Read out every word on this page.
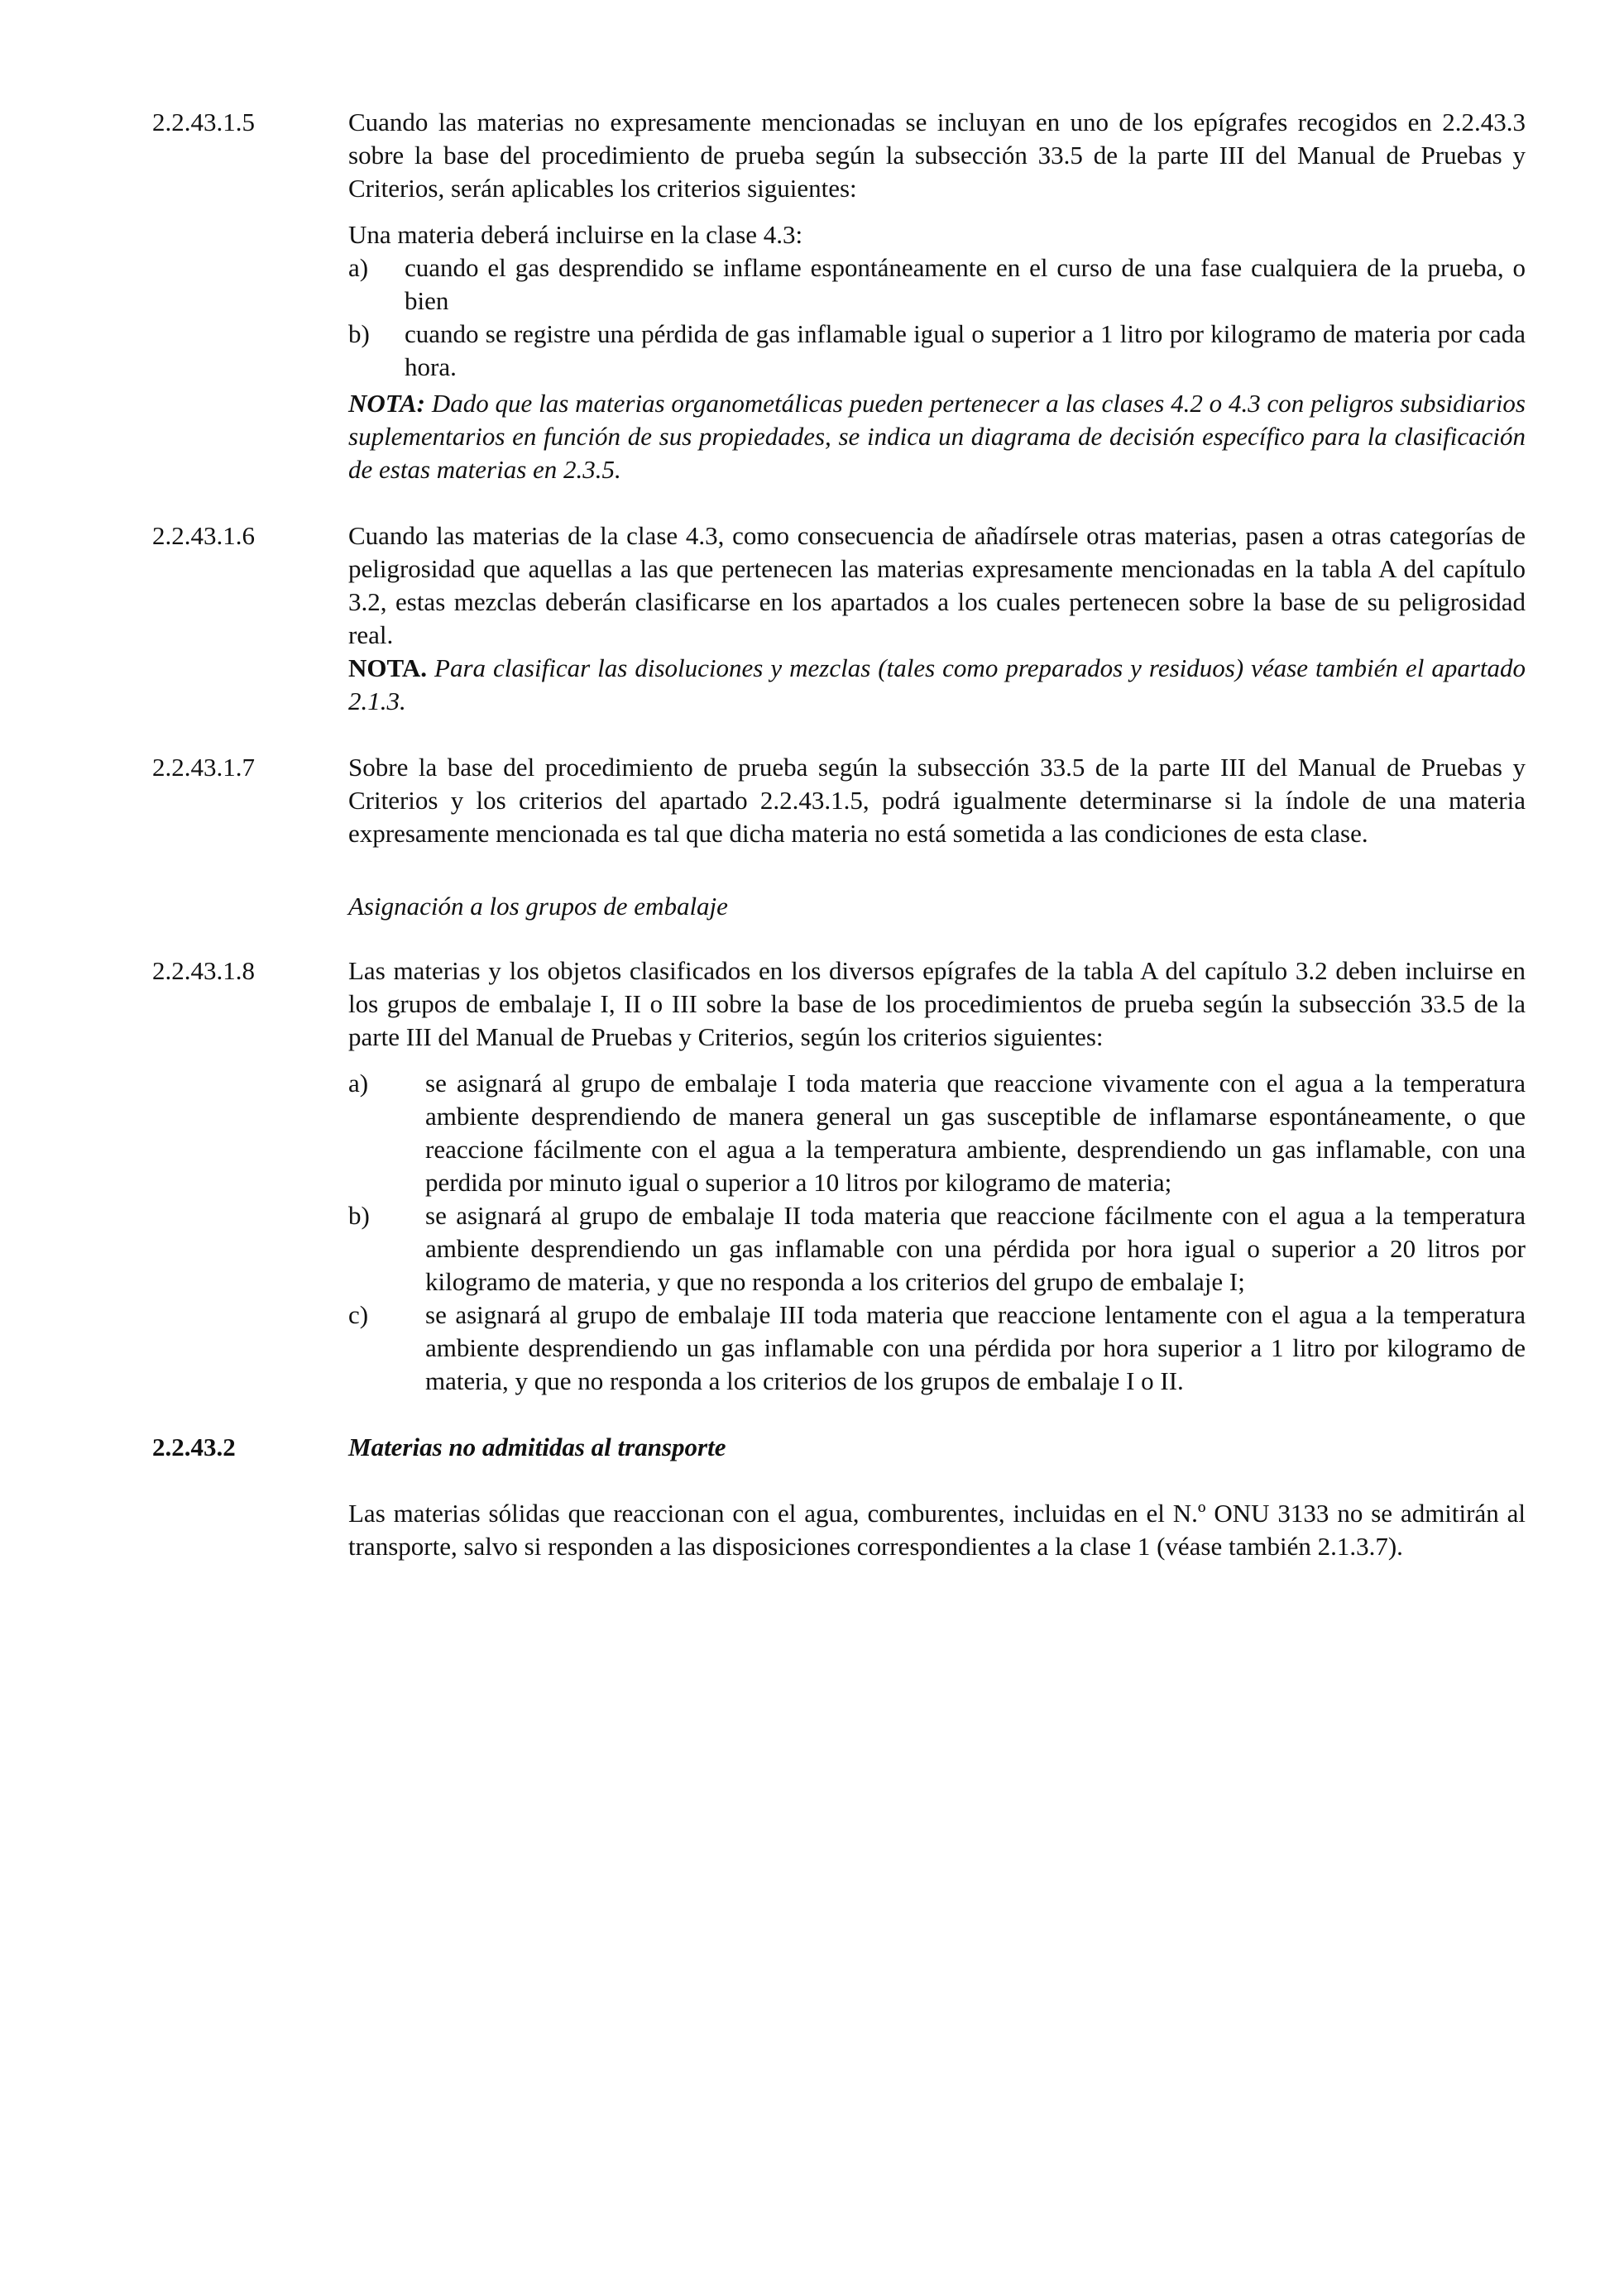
2.2.43.1.5	Cuando las materias no expresamente mencionadas se incluyan en uno de los epígrafes recogidos en 2.2.43.3 sobre la base del procedimiento de prueba según la subsección 33.5 de la parte III del Manual de Pruebas y Criterios, serán aplicables los criterios siguientes:

Una materia deberá incluirse en la clase 4.3:

a)	cuando el gas desprendido se inflame espontáneamente en el curso de una fase cualquiera de la prueba, o bien
b)	cuando se registre una pérdida de gas inflamable igual o superior a 1 litro por kilogramo de materia por cada hora.

NOTA: Dado que las materias organometálicas pueden pertenecer a las clases 4.2 o 4.3 con peligros subsidiarios suplementarios en función de sus propiedades, se indica un diagrama de decisión específico para la clasificación de estas materias en 2.3.5.

2.2.43.1.6	Cuando las materias de la clase 4.3, como consecuencia de añadírsele otras materias, pasen a otras categorías de peligrosidad que aquellas a las que pertenecen las materias expresamente mencionadas en la tabla A del capítulo 3.2, estas mezclas deberán clasificarse en los apartados a los cuales pertenecen sobre la base de su peligrosidad real.

NOTA. Para clasificar las disoluciones y mezclas (tales como preparados y residuos) véase también el apartado 2.1.3.

2.2.43.1.7	Sobre la base del procedimiento de prueba según la subsección 33.5 de la parte III del Manual de Pruebas y Criterios y los criterios del apartado 2.2.43.1.5, podrá igualmente determinarse si la índole de una materia expresamente mencionada es tal que dicha materia no está sometida a las condiciones de esta clase.

Asignación a los grupos de embalaje
2.2.43.1.8	Las materias y los objetos clasificados en los diversos epígrafes de la tabla A del capítulo 3.2 deben incluirse en los grupos de embalaje I, II o III sobre la base de los procedimientos de prueba según la subsección 33.5 de la parte III del Manual de Pruebas y Criterios, según los criterios siguientes:

a)	se asignará al grupo de embalaje I toda materia que reaccione vivamente con el agua a la temperatura ambiente desprendiendo de manera general un gas susceptible de inflamarse espontáneamente, o que reaccione fácilmente con el agua a la temperatura ambiente, desprendiendo un gas inflamable, con una perdida por minuto igual o superior a 10 litros por kilogramo de materia;
b)	se asignará al grupo de embalaje II toda materia que reaccione fácilmente con el agua a la temperatura ambiente desprendiendo un gas inflamable con una pérdida por hora igual o superior a 20 litros por kilogramo de materia, y que no responda a los criterios del grupo de embalaje I;
c)	se asignará al grupo de embalaje III toda materia que reaccione lentamente con el agua a la temperatura ambiente desprendiendo un gas inflamable con una pérdida por hora superior a 1 litro por kilogramo de materia, y que no responda a los criterios de los grupos de embalaje I o II.
2.2.43.2	Materias no admitidas al transporte

Las materias sólidas que reaccionan con el agua, comburentes, incluidas en el N.º ONU 3133 no se admitirán al transporte, salvo si responden a las disposiciones correspondientes a la clase 1 (véase también 2.1.3.7).
